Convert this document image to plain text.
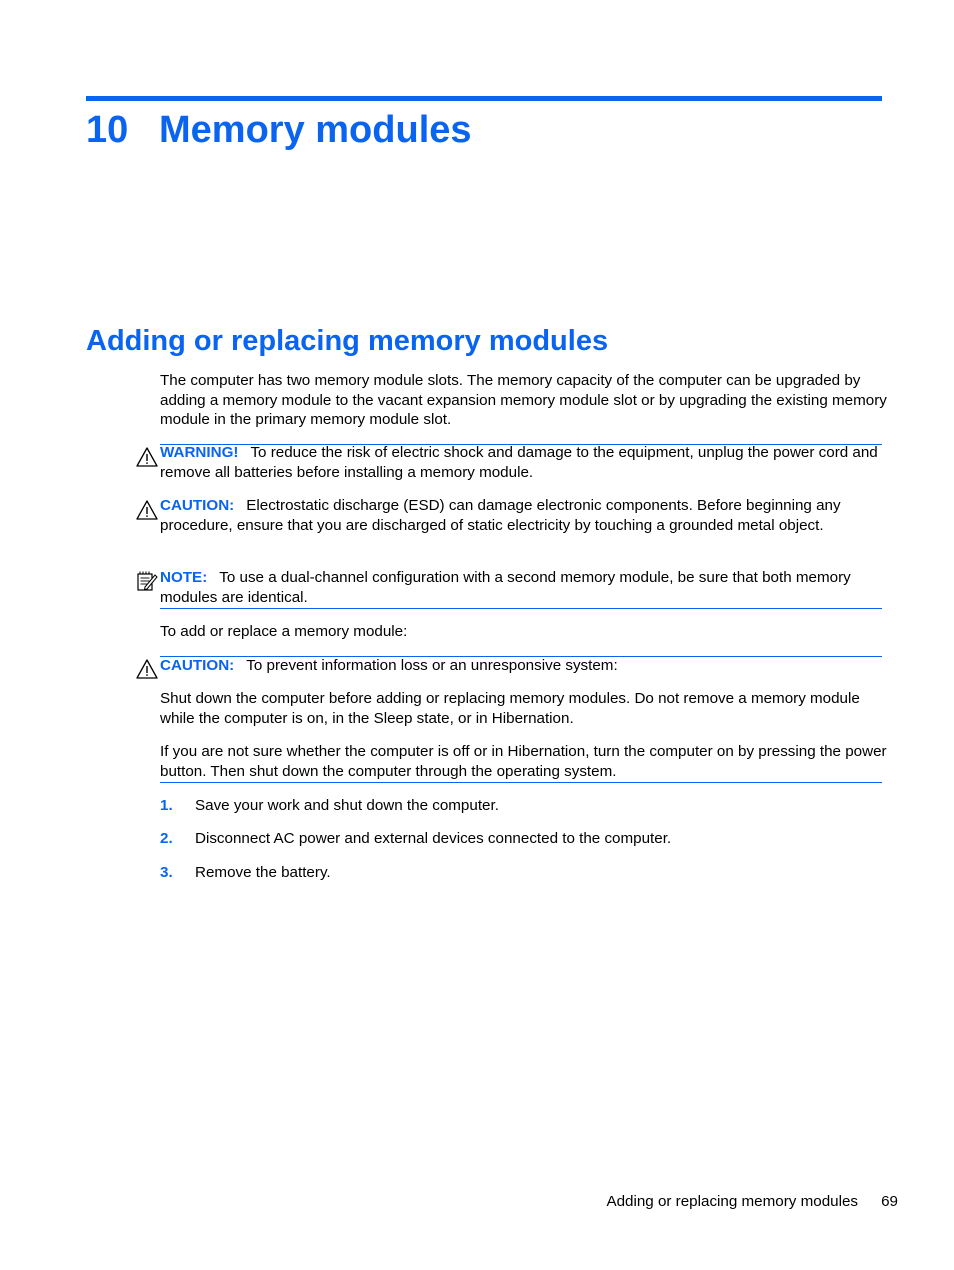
10 Memory modules
Adding or replacing memory modules

The computer has two memory module slots. The memory capacity of the computer can be upgraded by adding a memory module to the vacant expansion memory module slot or by upgrading the existing memory module in the primary memory module slot.

WARNING! To reduce the risk of electric shock and damage to the equipment, unplug the power cord and remove all batteries before installing a memory module.

CAUTION: Electrostatic discharge (ESD) can damage electronic components. Before beginning any procedure, ensure that you are discharged of static electricity by touching a grounded metal object.

NOTE: To use a dual-channel configuration with a second memory module, be sure that both memory modules are identical.

To add or replace a memory module:

CAUTION: To prevent information loss or an unresponsive system:

Shut down the computer before adding or replacing memory modules. Do not remove a memory module while the computer is on, in the Sleep state, or in Hibernation.

If you are not sure whether the computer is off or in Hibernation, turn the computer on by pressing the power button. Then shut down the computer through the operating system.

1. Save your work and shut down the computer.
2. Disconnect AC power and external devices connected to the computer.
3. Remove the battery.
Adding or replacing memory modules 69
